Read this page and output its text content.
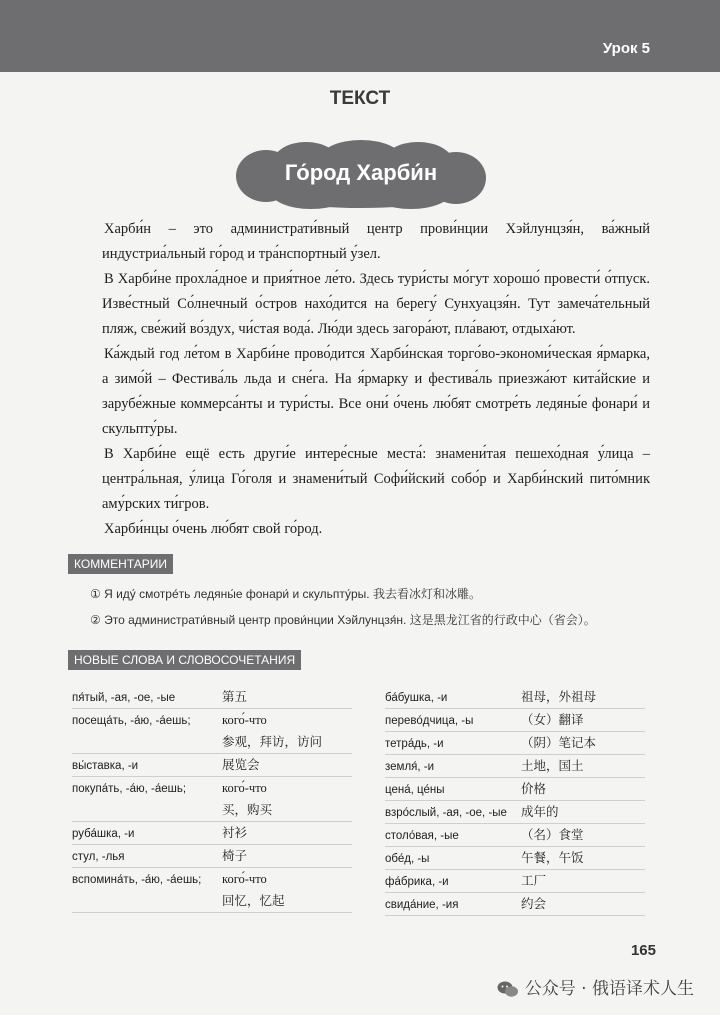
Урок 5
ТЕКСТ
Го́род Харби́н

Харби́н – это администрати́вный центр прови́нции Хэйлунцзя́н, ва́жный индустриа́льный го́род и тра́нспортный у́зел.

В Харби́не прохла́дное и прия́тное ле́то. Здесь тури́сты мо́гут хорошо́ провести́ о́тпуск. Изве́стный Со́лнечный о́стров нахо́дится на берегу́ Сунхуацзя́н. Тут замеча́тельный пляж, све́жий во́здух, чи́стая вода́. Лю́ди здесь загора́ют, пла́вают, отдыха́ют.

Ка́ждый год ле́том в Харби́не прово́дится Харби́нская торго́во-экономи́ческая я́рмарка, а зимо́й – Фестива́ль льда и сне́га. На я́рмарку и фестива́ль приезжа́ют кита́йские и зарубе́жные коммерса́нты и тури́сты. Все они́ о́чень лю́бят смотре́ть ледяны́е фонари́ и скульпту́ры.

В Харби́не ещё есть други́е интере́сные места́: знамени́тая пешехо́дная у́лица – центра́льная, у́лица Го́голя и знамени́тый Софи́йский собо́р и Харби́нский пито́мник аму́рских ти́гров.

Харби́нцы о́чень лю́бят свой го́род.

КОММЕНТАРИИ
① Я иду́ смотре́ть ледяны́е фонари́ и скульпту́ры. 我去看冰灯和冰雕。
② Это администрати́вный центр прови́нции Хэйлунцзя́н. 这是黑龙江省的行政中心（省会）。
НОВЫЕ СЛОВА И СЛОВОСОЧЕТАНИЯ
пя́тый, -ая, -ое, -ые	第五
посеща́ть, -а́ю, -а́ешь;	кого́-что
参观，拜访，访问
вы́ставка, -и	展览会
покупа́ть, -а́ю, -а́ешь;	кого́-что
买，购买
руба́шка, -и	衬衫
стул, -лья	椅子
вспомина́ть, -а́ю, -а́ешь; кого́-что
回忆，忆起
ба́бушка, -и	祖母，外祖母
перево́дчица, -ы	（女）翻译
тетра́дь, -и	（阴）笔记本
земля́, -и	土地，国土
цена́, це́ны	价格
взро́слый, -ая, -ое, -ые 成年的
столо́вая, -ые	（名）食堂
обе́д, -ы	午餐，午饭
фа́брика, -и	工厂
свида́ние, -ия	约会
165
公众号 · 俄语译术人生
